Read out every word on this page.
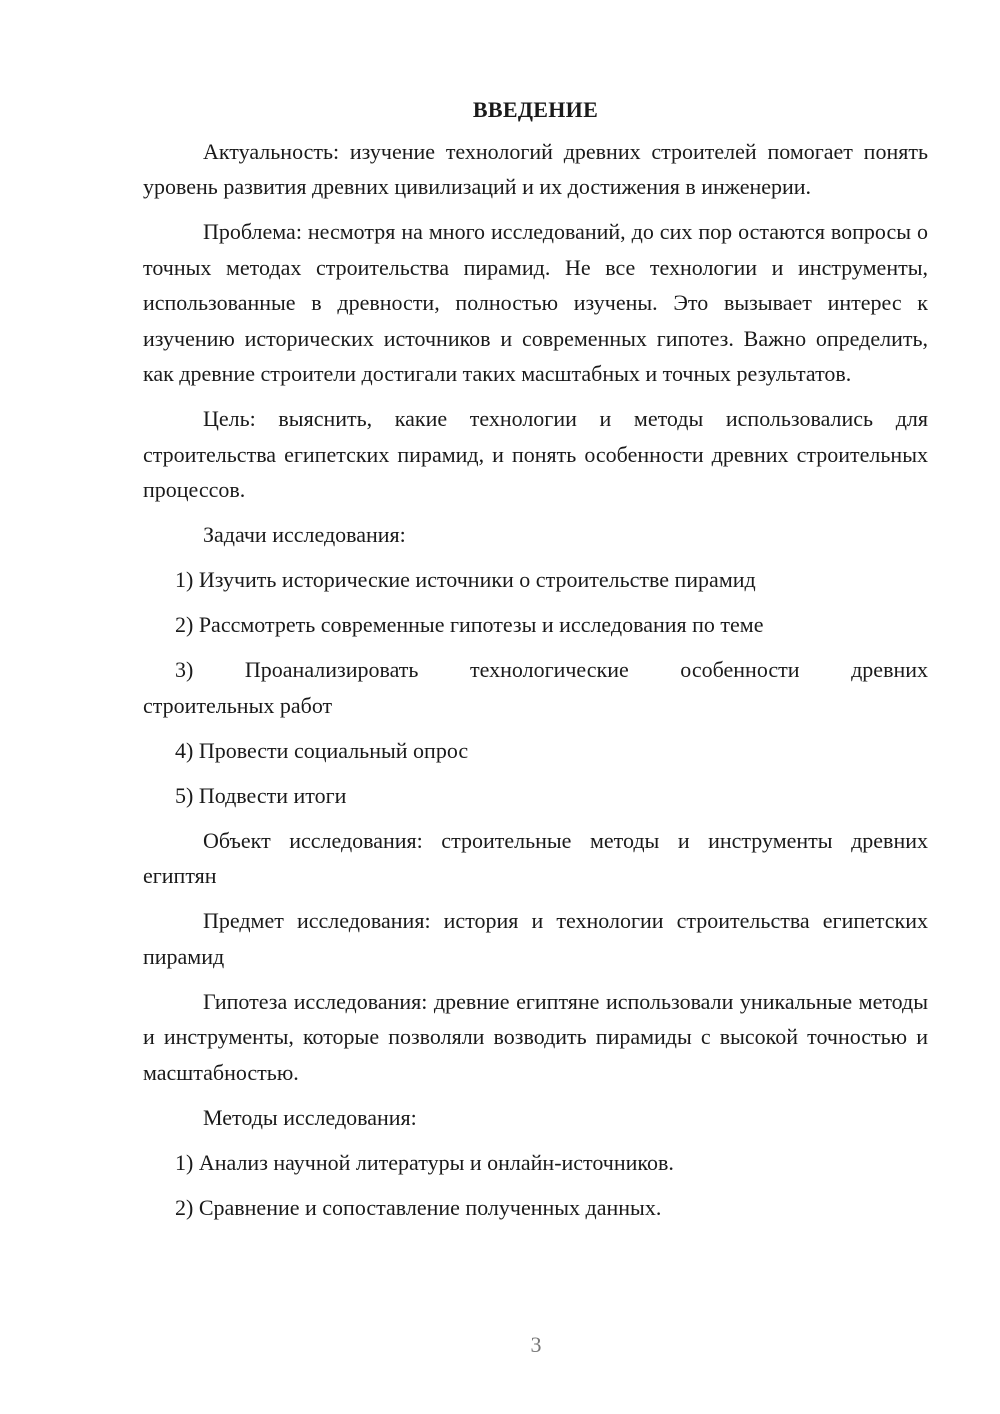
ВВЕДЕНИЕ

Актуальность: изучение технологий древних строителей помогает понять уровень развития древних цивилизаций и их достижения в инженерии.

Проблема: несмотря на много исследований, до сих пор остаются вопросы о точных методах строительства пирамид. Не все технологии и инструменты, использованные в древности, полностью изучены. Это вызывает интерес к изучению исторических источников и современных гипотез. Важно определить, как древние строители достигали таких масштабных и точных результатов.

Цель: выяснить, какие технологии и методы использовались для строительства египетских пирамид, и понять особенности древних строительных процессов.

Задачи исследования:

1) Изучить исторические источники о строительстве пирамид

2) Рассмотреть современные гипотезы и исследования по теме

3) Проанализировать технологические особенности древних

строительных работ

4) Провести социальный опрос

5) Подвести итоги

Объект исследования: строительные методы и инструменты древних египтян

Предмет исследования: история и технологии строительства египетских пирамид

Гипотеза исследования: древние египтяне использовали уникальные методы и инструменты, которые позволяли возводить пирамиды с высокой точностью и масштабностью.

Методы исследования:

1) Анализ научной литературы и онлайн-источников.

2) Сравнение и сопоставление полученных данных.

3
